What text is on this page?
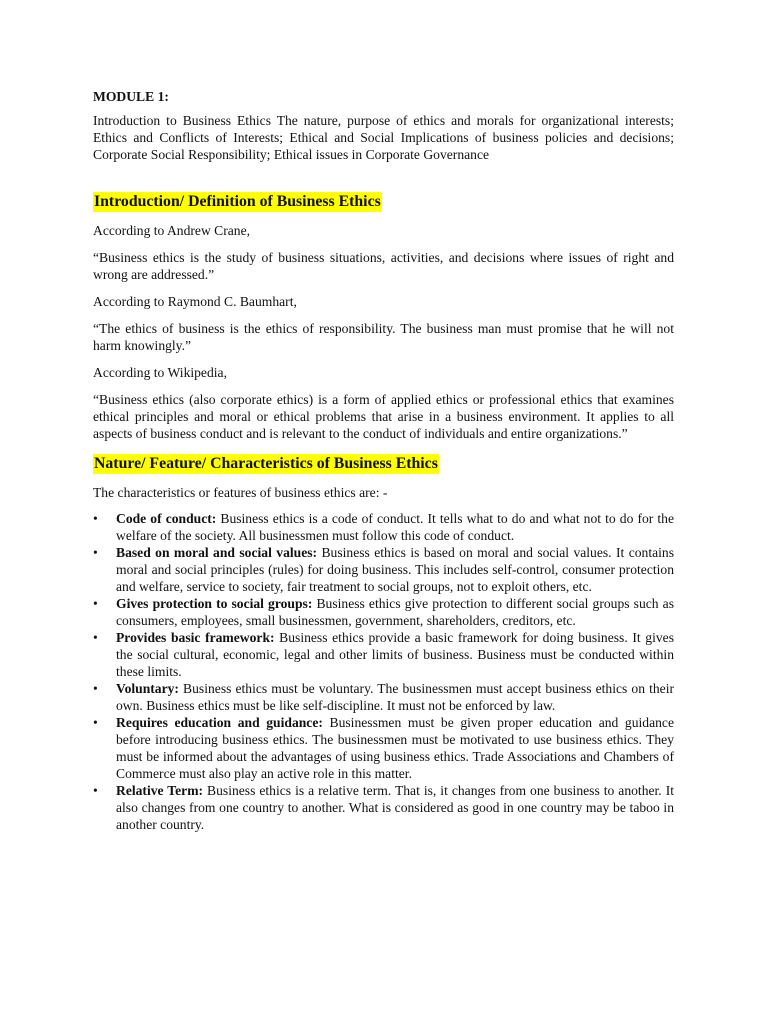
MODULE 1:

Introduction to Business Ethics The nature, purpose of ethics and morals for organizational interests; Ethics and Conflicts of Interests; Ethical and Social Implications of business policies and decisions; Corporate Social Responsibility; Ethical issues in Corporate Governance

Introduction/ Definition of Business Ethics

According to Andrew Crane,

“Business ethics is the study of business situations, activities, and decisions where issues of right and wrong are addressed.”

According to Raymond C. Baumhart,

“The ethics of business is the ethics of responsibility. The business man must promise that he will not harm knowingly.”

According to Wikipedia,

“Business ethics (also corporate ethics) is a form of applied ethics or professional ethics that examines ethical principles and moral or ethical problems that arise in a business environment. It applies to all aspects of business conduct and is relevant to the conduct of individuals and entire organizations.”

Nature/ Feature/ Characteristics of Business Ethics

The characteristics or features of business ethics are: -

•	Code of conduct: Business ethics is a code of conduct. It tells what to do and what not to do for the welfare of the society. All businessmen must follow this code of conduct.
•	Based on moral and social values: Business ethics is based on moral and social values. It contains moral and social principles (rules) for doing business. This includes self-control, consumer protection and welfare, service to society, fair treatment to social groups, not to exploit others, etc.
•	Gives protection to social groups: Business ethics give protection to different social groups such as consumers, employees, small businessmen, government, shareholders, creditors, etc.
•	Provides basic framework: Business ethics provide a basic framework for doing business. It gives the social cultural, economic, legal and other limits of business. Business must be conducted within these limits.
•	Voluntary: Business ethics must be voluntary. The businessmen must accept business ethics on their own. Business ethics must be like self-discipline. It must not be enforced by law.
•	Requires education and guidance: Businessmen must be given proper education and guidance before introducing business ethics. The businessmen must be motivated to use business ethics. They must be informed about the advantages of using business ethics. Trade Associations and Chambers of Commerce must also play an active role in this matter.
•	Relative Term: Business ethics is a relative term. That is, it changes from one business to another. It also changes from one country to another. What is considered as good in one country may be taboo in another country.
